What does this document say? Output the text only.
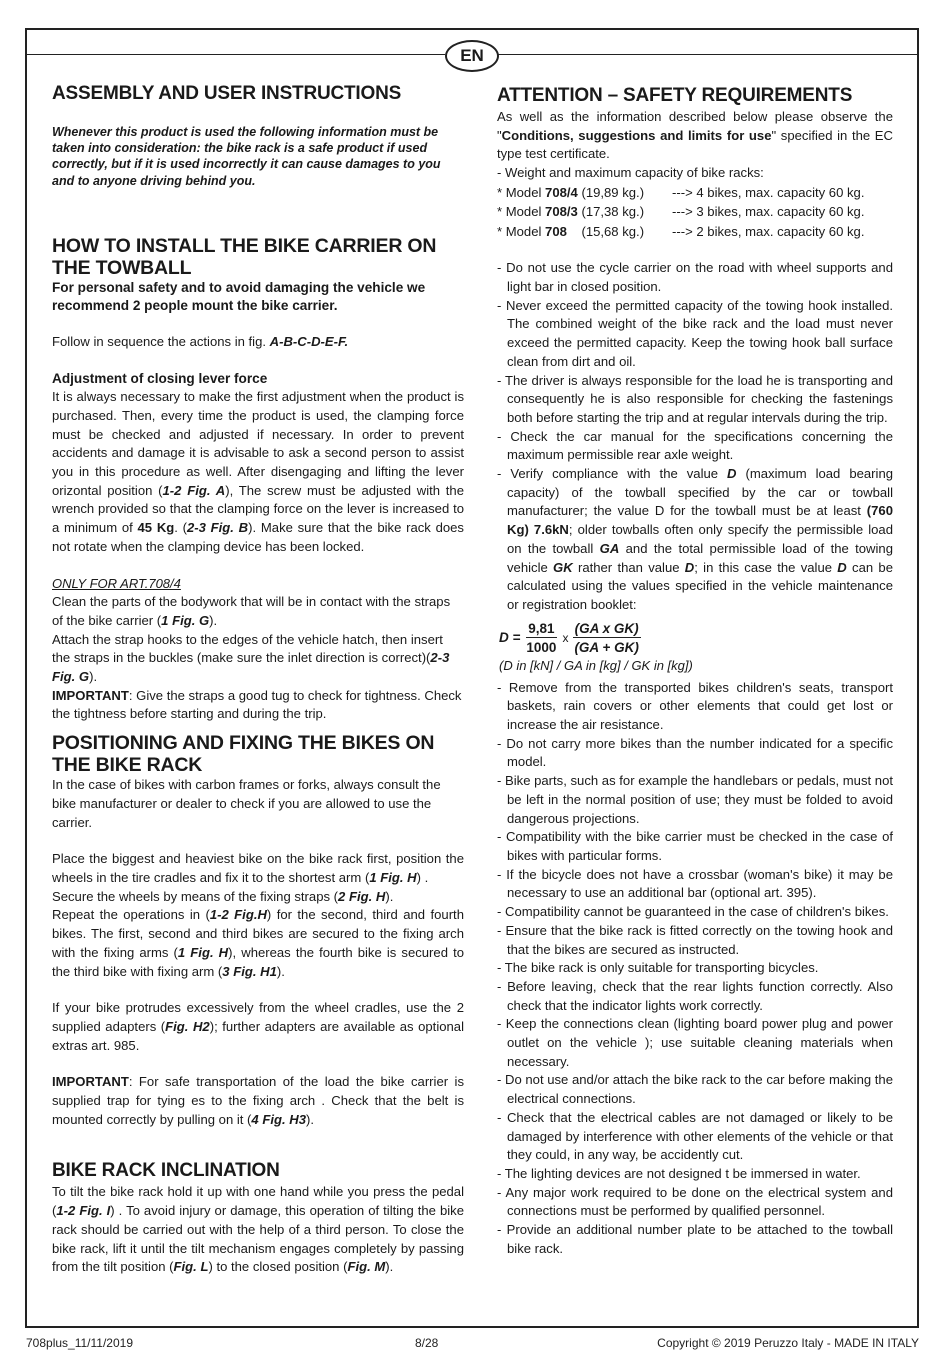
EN
ASSEMBLY AND USER INSTRUCTIONS

Whenever this product is used the following information must be taken into consideration: the bike rack is a safe product if used correctly, but if it is used incorrectly it can cause damages to you and to anyone driving behind you.

HOW TO INSTALL THE BIKE CARRIER ON THE TOWBALL

For personal safety and to avoid damaging the vehicle we recommend 2 people mount the bike carrier.

Follow in sequence the actions in fig. A-B-C-D-E-F.

Adjustment of closing lever force

It is always necessary to make the first adjustment when the product is purchased. Then, every time the product is used, the clamping force must be checked and adjusted if necessary. In order to prevent accidents and damage it is advisable to ask a second person to assist you in this procedure as well. After disengaging and lifting the lever orizontal position (1-2 Fig. A), The screw must be adjusted with the wrench provided so that the clamping force on the lever is increased to a minimum of 45 Kg. (2-3 Fig. B). Make sure that the bike rack does not rotate when the clamping device has been locked.

ONLY FOR ART.708/4

Clean the parts of the bodywork that will be in contact with the straps of the bike carrier (1 Fig. G).

Attach the strap hooks to the edges of the vehicle hatch, then insert the straps in the buckles (make sure the inlet direction is correct)(2-3 Fig. G).

IMPORTANT: Give the straps a good tug to check for tightness. Check the tightness before starting and during the trip.

POSITIONING AND FIXING THE BIKES ON THE BIKE RACK

In the case of bikes with carbon frames or forks, always consult the bike manufacturer or dealer to check if you are allowed to use the carrier.

Place the biggest and heaviest bike on the bike rack first, position the wheels in the tire cradles and fix it to the shortest arm (1 Fig. H) .

Secure the wheels by means of the fixing straps (2 Fig. H).

Repeat the operations in (1-2 Fig.H) for the second, third and fourth bikes. The first, second and third bikes are secured to the fixing arch with the fixing arms (1 Fig. H), whereas the fourth bike is secured to the third bike with fixing arm (3 Fig. H1).

If your bike protrudes excessively from the wheel cradles, use the 2 supplied adapters (Fig. H2); further adapters are available as optional extras art. 985.

IMPORTANT: For safe transportation of the load the bike carrier is supplied trap for tying es to the fixing arch . Check that the belt is mounted correctly by pulling on it (4 Fig. H3).

BIKE RACK INCLINATION

To tilt the bike rack hold it up with one hand while you press the pedal (1-2 Fig. I) . To avoid injury or damage, this operation of tilting the bike rack should be carried out with the help of a third person. To close the bike rack, lift it until the tilt mechanism engages completely by passing from the tilt position (Fig. L) to the closed position (Fig. M).

ATTENTION – SAFETY REQUIREMENTS

As well as the information described below please observe the "Conditions, suggestions and limits for use" specified in the EC type test certificate.

- Weight and maximum capacity of bike racks:

* Model 708/4 (19,89 kg.)	---> 4 bikes, max. capacity 60 kg.
* Model 708/3 (17,38 kg.)	---> 3 bikes, max. capacity 60 kg.
* Model 708    (15,68 kg.)	---> 2 bikes, max. capacity 60 kg.
- Do not use the cycle carrier on the road with wheel supports and light bar in closed position.
- Never exceed the permitted capacity of the towing hook installed. The combined weight of the bike rack and the load must never exceed the permitted capacity. Keep the towing hook ball surface clean from dirt and oil.
- The driver is always responsible for the load he is transporting and consequently he is also responsible for checking the fastenings both before starting the trip and at regular intervals during the trip.
- Check the car manual for the specifications concerning the maximum permissible rear axle weight.

- Verify compliance with the value D (maximum load bearing capacity) of the towball specified by the car or towball manufacturer; the value D for the towball must be at least (760 Kg) 7.6kN; older towballs often only specify the permissible load on the towball GA and the total permissible load of the towing vehicle GK rather than value D; in this case the value D can be calculated using the values specified in the vehicle maintenance or registration booklet:

$D = \frac{9,81}{1000}$ x $\frac{\text{(GA x GK)}}{(GA + GK)}$

(D in [kN] / GA in [kg] / GK in [kg])

- Remove from the transported bikes children's seats, transport baskets, rain covers or other elements that could get lost or increase the air resistance.
- Do not carry more bikes than the number indicated for a specific model.
- Bike parts, such as for example the handlebars or pedals, must not be left in the normal position of use; they must be folded to avoid dangerous projections.
- Compatibility with the bike carrier must be checked in the case of bikes with particular forms.
- If the bicycle does not have a crossbar (woman's bike) it may be necessary to use an additional bar (optional art. 395).
- Compatibility cannot be guaranteed in the case of children's bikes.
- Ensure that the bike rack is fitted correctly on the towing hook and that the bikes are secured as instructed.
- The bike rack is only suitable for transporting bicycles.
- Before leaving, check that the rear lights function correctly. Also check that the indicator lights work correctly.
- Keep the connections clean (lighting board power plug and power outlet on the vehicle ); use suitable cleaning materials when necessary.
- Do not use and/or attach the bike rack to the car before making the electrical connections.
- Check that the electrical cables are not damaged or likely to be damaged by interference with other elements of the vehicle or that they could, in any way, be accidently cut.
- The lighting devices are not designed t be immersed in water.
- Any major work required to be done on the electrical system and connections must be performed by qualified personnel.
- Provide an additional number plate to be attached to the towball bike rack.
708plus_11/11/2019	8/28	Copyright © 2019 Peruzzo Italy - MADE IN ITALY
